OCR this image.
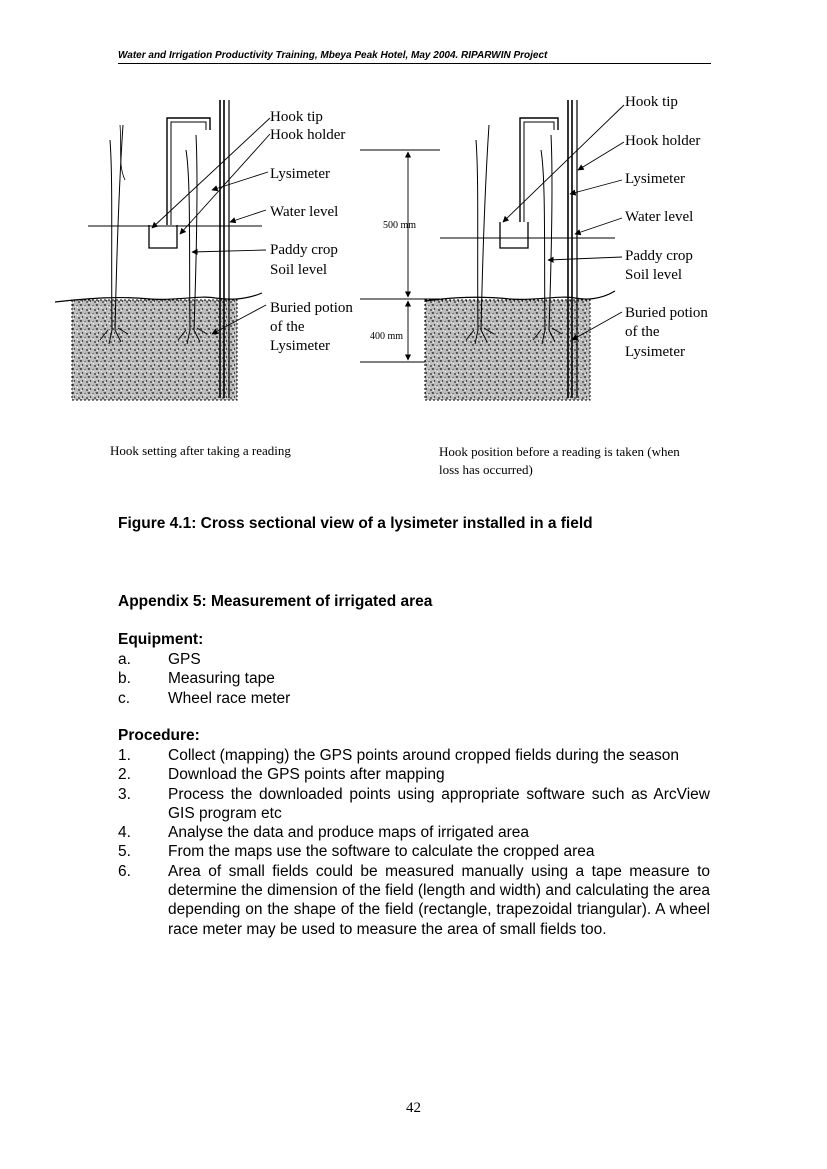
Water and Irrigation Productivity Training, Mbeya Peak Hotel, May 2004. RIPARWIN Project
Hook tip
Hook holder
Lysimeter
Water level
Paddy crop
Soil level
Buried potion
of the
Lysimeter
500 mm
400 mm
Hook tip
Hook holder
Lysimeter
Water level
Paddy crop
Soil level
Buried potion
of the
Lysimeter
Hook setting after taking a reading	Hook position before a reading is taken (when
loss has occurred)
Figure 4.1: Cross sectional view of a lysimeter installed in a field
Appendix 5: Measurement of irrigated area
Equipment:
a. GPS
b. Measuring tape
c. Wheel race meter
Procedure:
1. Collect (mapping) the GPS points around cropped fields during the season
2. Download the GPS points after mapping
3. Process the downloaded points using appropriate software such as ArcView GIS program etc
4. Analyse the data and produce maps of irrigated area
5. From the maps use the software to calculate the cropped area
6. Area of small fields could be measured manually using a tape measure to determine the dimension of the field (length and width) and calculating the area depending on the shape of the field (rectangle, trapezoidal triangular). A wheel race meter may be used to measure the area of small fields too.
42
